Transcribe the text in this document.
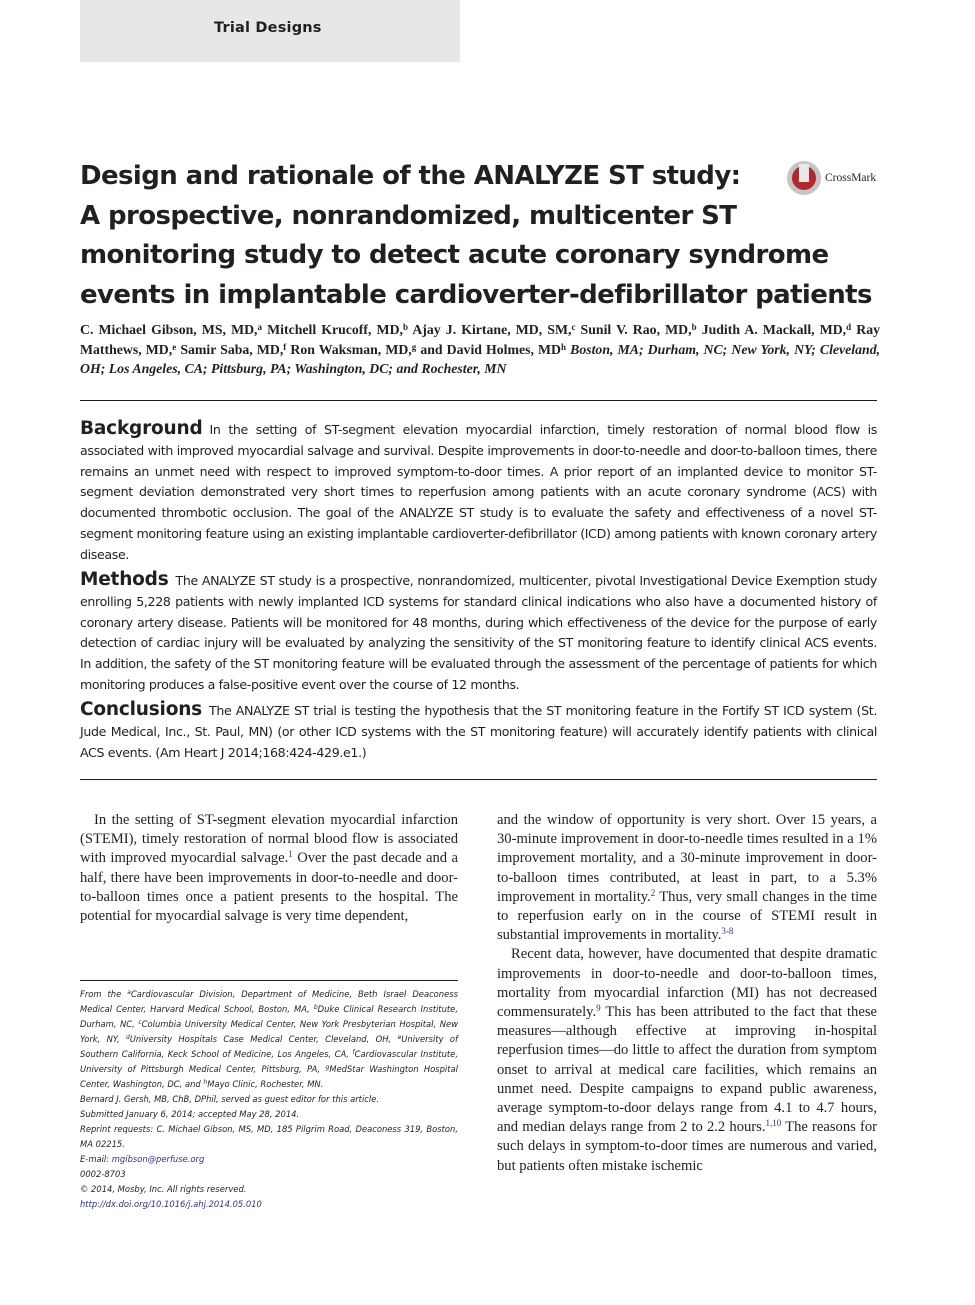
Trial Designs
Design and rationale of the ANALYZE ST study:
A prospective, nonrandomized, multicenter ST
monitoring study to detect acute coronary syndrome
events in implantable cardioverter-defibrillator patients
CrossMark
C. Michael Gibson, MS, MD,$^a$ Mitchell Krucoff, MD,$^b$ Ajay J. Kirtane, MD, SM,$^c$ Sunil V. Rao, MD,$^b$ Judith A. Mackall, MD,$^d$ Ray Matthews, MD,$^e$ Samir Saba, MD,$^f$ Ron Waksman, MD,$^g$ and David Holmes, $MD^h$ Boston, MA; Durham, NC; New York, NY; Cleveland, OH; Los Angeles, CA; Pittsburg, PA; Washington, DC; and Rochester, MN
Background In the setting of ST-segment elevation myocardial infarction, timely restoration of normal blood flow is associated with improved myocardial salvage and survival. Despite improvements in door-to-needle and door-to-balloon times, there remains an unmet need with respect to improved symptom-to-door times. A prior report of an implanted device to monitor ST-segment deviation demonstrated very short times to reperfusion among patients with an acute coronary syndrome (ACS) with documented thrombotic occlusion. The goal of the ANALYZE ST study is to evaluate the safety and effectiveness of a novel ST-segment monitoring feature using an existing implantable cardioverter-defibrillator (ICD) among patients with known coronary artery disease.
Methods The ANALYZE ST study is a prospective, nonrandomized, multicenter, pivotal Investigational Device Exemption study enrolling 5,228 patients with newly implanted ICD systems for standard clinical indications who also have a documented history of coronary artery disease. Patients will be monitored for 48 months, during which effectiveness of the device for the purpose of early detection of cardiac injury will be evaluated by analyzing the sensitivity of the ST monitoring feature to identify clinical ACS events. In addition, the safety of the ST monitoring feature will be evaluated through the assessment of the percentage of patients for which monitoring produces a false-positive event over the course of 12 months.
Conclusions The ANALYZE ST trial is testing the hypothesis that the ST monitoring feature in the Fortify ST ICD system (St. Jude Medical, Inc., St. Paul, MN) (or other ICD systems with the ST monitoring feature) will accurately identify patients with clinical ACS events. (Am Heart J 2014;168:424-429.e1.)

In the setting of ST-segment elevation myocardial infarction (STEMI), timely restoration of normal blood flow is associated with improved myocardial salvage.$^1$ Over the past decade and a half, there have been improvements in door-to-needle and door-to-balloon times once a patient presents to the hospital. The potential for myocardial salvage is very time dependent,

and the window of opportunity is very short. Over 15 years, a 30-minute improvement in door-to-needle times resulted in a 1% improvement mortality, and a 30-minute improvement in door-to-balloon times contributed, at least in part, to a 5.3% improvement in mortality.$^2$ Thus, very small changes in the time to reperfusion early on in the course of STEMI result in substantial improvements in mortality.$^{3-8}$

Recent data, however, have documented that despite dramatic improvements in door-to-needle and door-to-balloon times, mortality from myocardial infarction (MI) has not decreased commensurately.$^9$ This has been attributed to the fact that these measures—although effective at improving in-hospital reperfusion times—do little to affect the duration from symptom onset to arrival at medical care facilities, which remains an unmet need. Despite campaigns to expand public awareness, average symptom-to-door delays range from 4.1 to 4.7 hours, and median delays range from 2 to 2.2 hours.$^{1,10}$ The reasons for such delays in symptom-to-door times are numerous and varied, but patients often mistake ischemic

From the $^a$Cardiovascular Division, Department of Medicine, Beth Israel Deaconess Medical Center, Harvard Medical School, Boston, MA, $^b$Duke Clinical Research Institute, Durham, NC, $^c$Columbia University Medical Center, New York Presbyterian Hospital, New York, NY, $^d$University Hospitals Case Medical Center, Cleveland, OH, $^e$University of Southern California, Keck School of Medicine, Los Angeles, CA, $^f$Cardiovascular Institute, University of Pittsburgh Medical Center, Pittsburg, PA, $^g$MedStar Washington Hospital Center, Washington, DC, and $^h$Mayo Clinic, Rochester, MN.
Bernard J. Gersh, MB, ChB, DPhil, served as guest editor for this article.
Submitted January 6, 2014; accepted May 28, 2014.
Reprint requests: C. Michael Gibson, MS, MD, 185 Pilgrim Road, Deaconess 319, Boston, MA 02215.
E-mail: mgibson@perfuse.org
0002-8703
© 2014, Mosby, Inc. All rights reserved.
http://dx.doi.org/10.1016/j.ahj.2014.05.010
